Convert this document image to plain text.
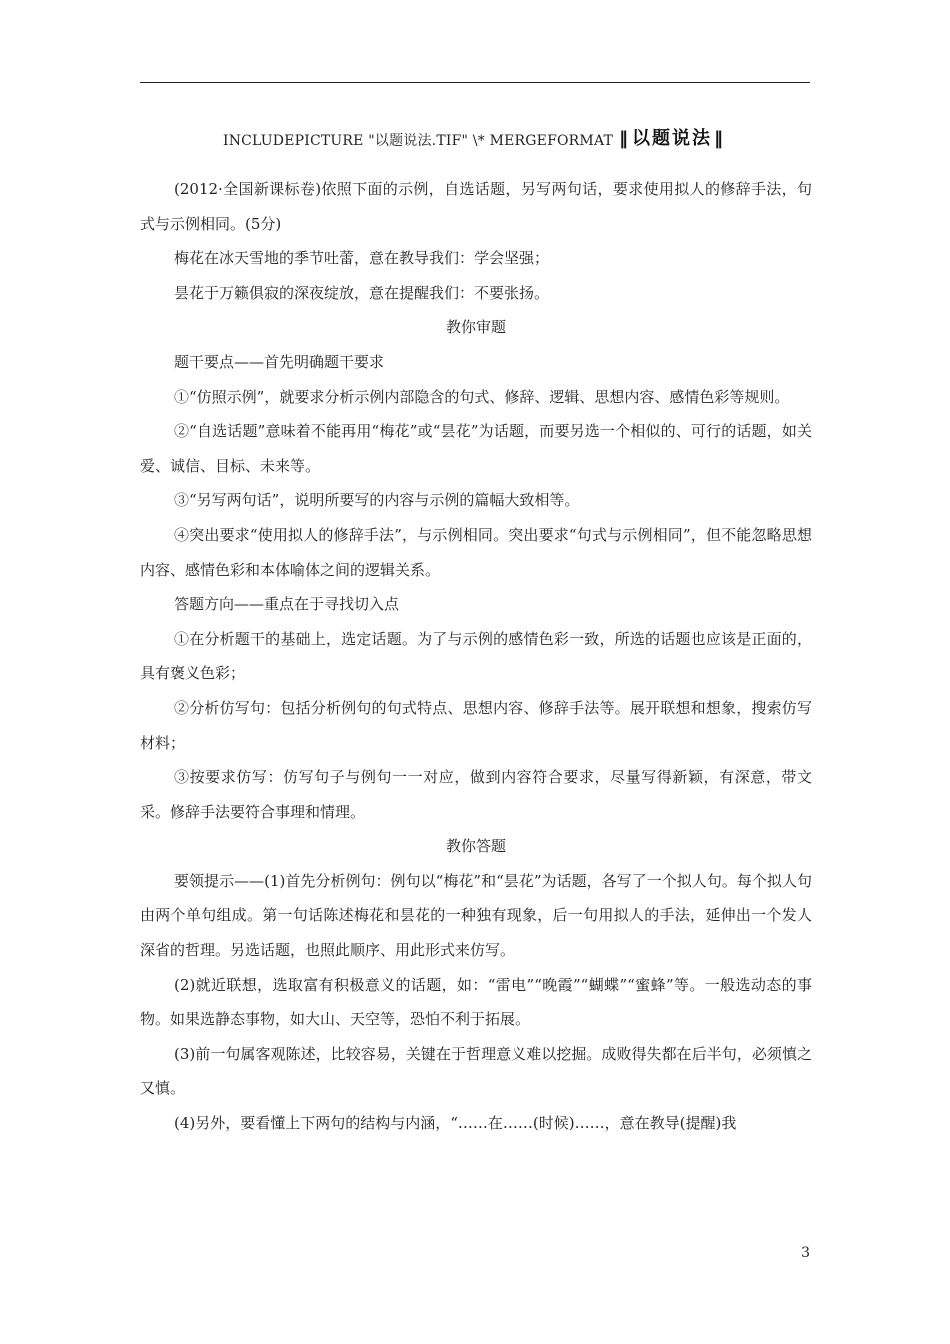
INCLUDEPICTURE "以题说法.TIF" \* MERGEFORMAT ‖ 以题说法 ‖

(2012·全国新课标卷)依照下面的示例，自选话题，另写两句话，要求使用拟人的修辞手法，句式与示例相同。(5分)

梅花在冰天雪地的季节吐蕾，意在教导我们：学会坚强；

昙花于万籁俱寂的深夜绽放，意在提醒我们：不要张扬。

教你审题

题干要点——首先明确题干要求

①“仿照示例”，就要求分析示例内部隐含的句式、修辞、逻辑、思想内容、感情色彩等规则。

②“自选话题”意味着不能再用“梅花”或“昙花”为话题，而要另选一个相似的、可行的话题，如关爱、诚信、目标、未来等。

③“另写两句话”，说明所要写的内容与示例的篇幅大致相等。

④突出要求“使用拟人的修辞手法”，与示例相同。突出要求“句式与示例相同”，但不能忽略思想内容、感情色彩和本体喻体之间的逻辑关系。

答题方向——重点在于寻找切入点

①在分析题干的基础上，选定话题。为了与示例的感情色彩一致，所选的话题也应该是正面的，具有褒义色彩；

②分析仿写句：包括分析例句的句式特点、思想内容、修辞手法等。展开联想和想象，搜索仿写材料；

③按要求仿写：仿写句子与例句一一对应，做到内容符合要求，尽量写得新颖，有深意，带文采。修辞手法要符合事理和情理。

教你答题

要领提示——(1)首先分析例句：例句以“梅花”和“昙花”为话题，各写了一个拟人句。每个拟人句由两个单句组成。第一句话陈述梅花和昙花的一种独有现象，后一句用拟人的手法，延伸出一个发人深省的哲理。另选话题，也照此顺序、用此形式来仿写。

(2)就近联想，选取富有积极意义的话题，如：“雷电”“晚霞”“蝴蝶”“蜜蜂”等。一般选动态的事物。如果选静态事物，如大山、天空等，恐怕不利于拓展。

(3)前一句属客观陈述，比较容易，关键在于哲理意义难以挖掘。成败得失都在后半句，必须慎之又慎。

(4)另外，要看懂上下两句的结构与内涵，“……在……(时候)……，意在教导(提醒)我

3
